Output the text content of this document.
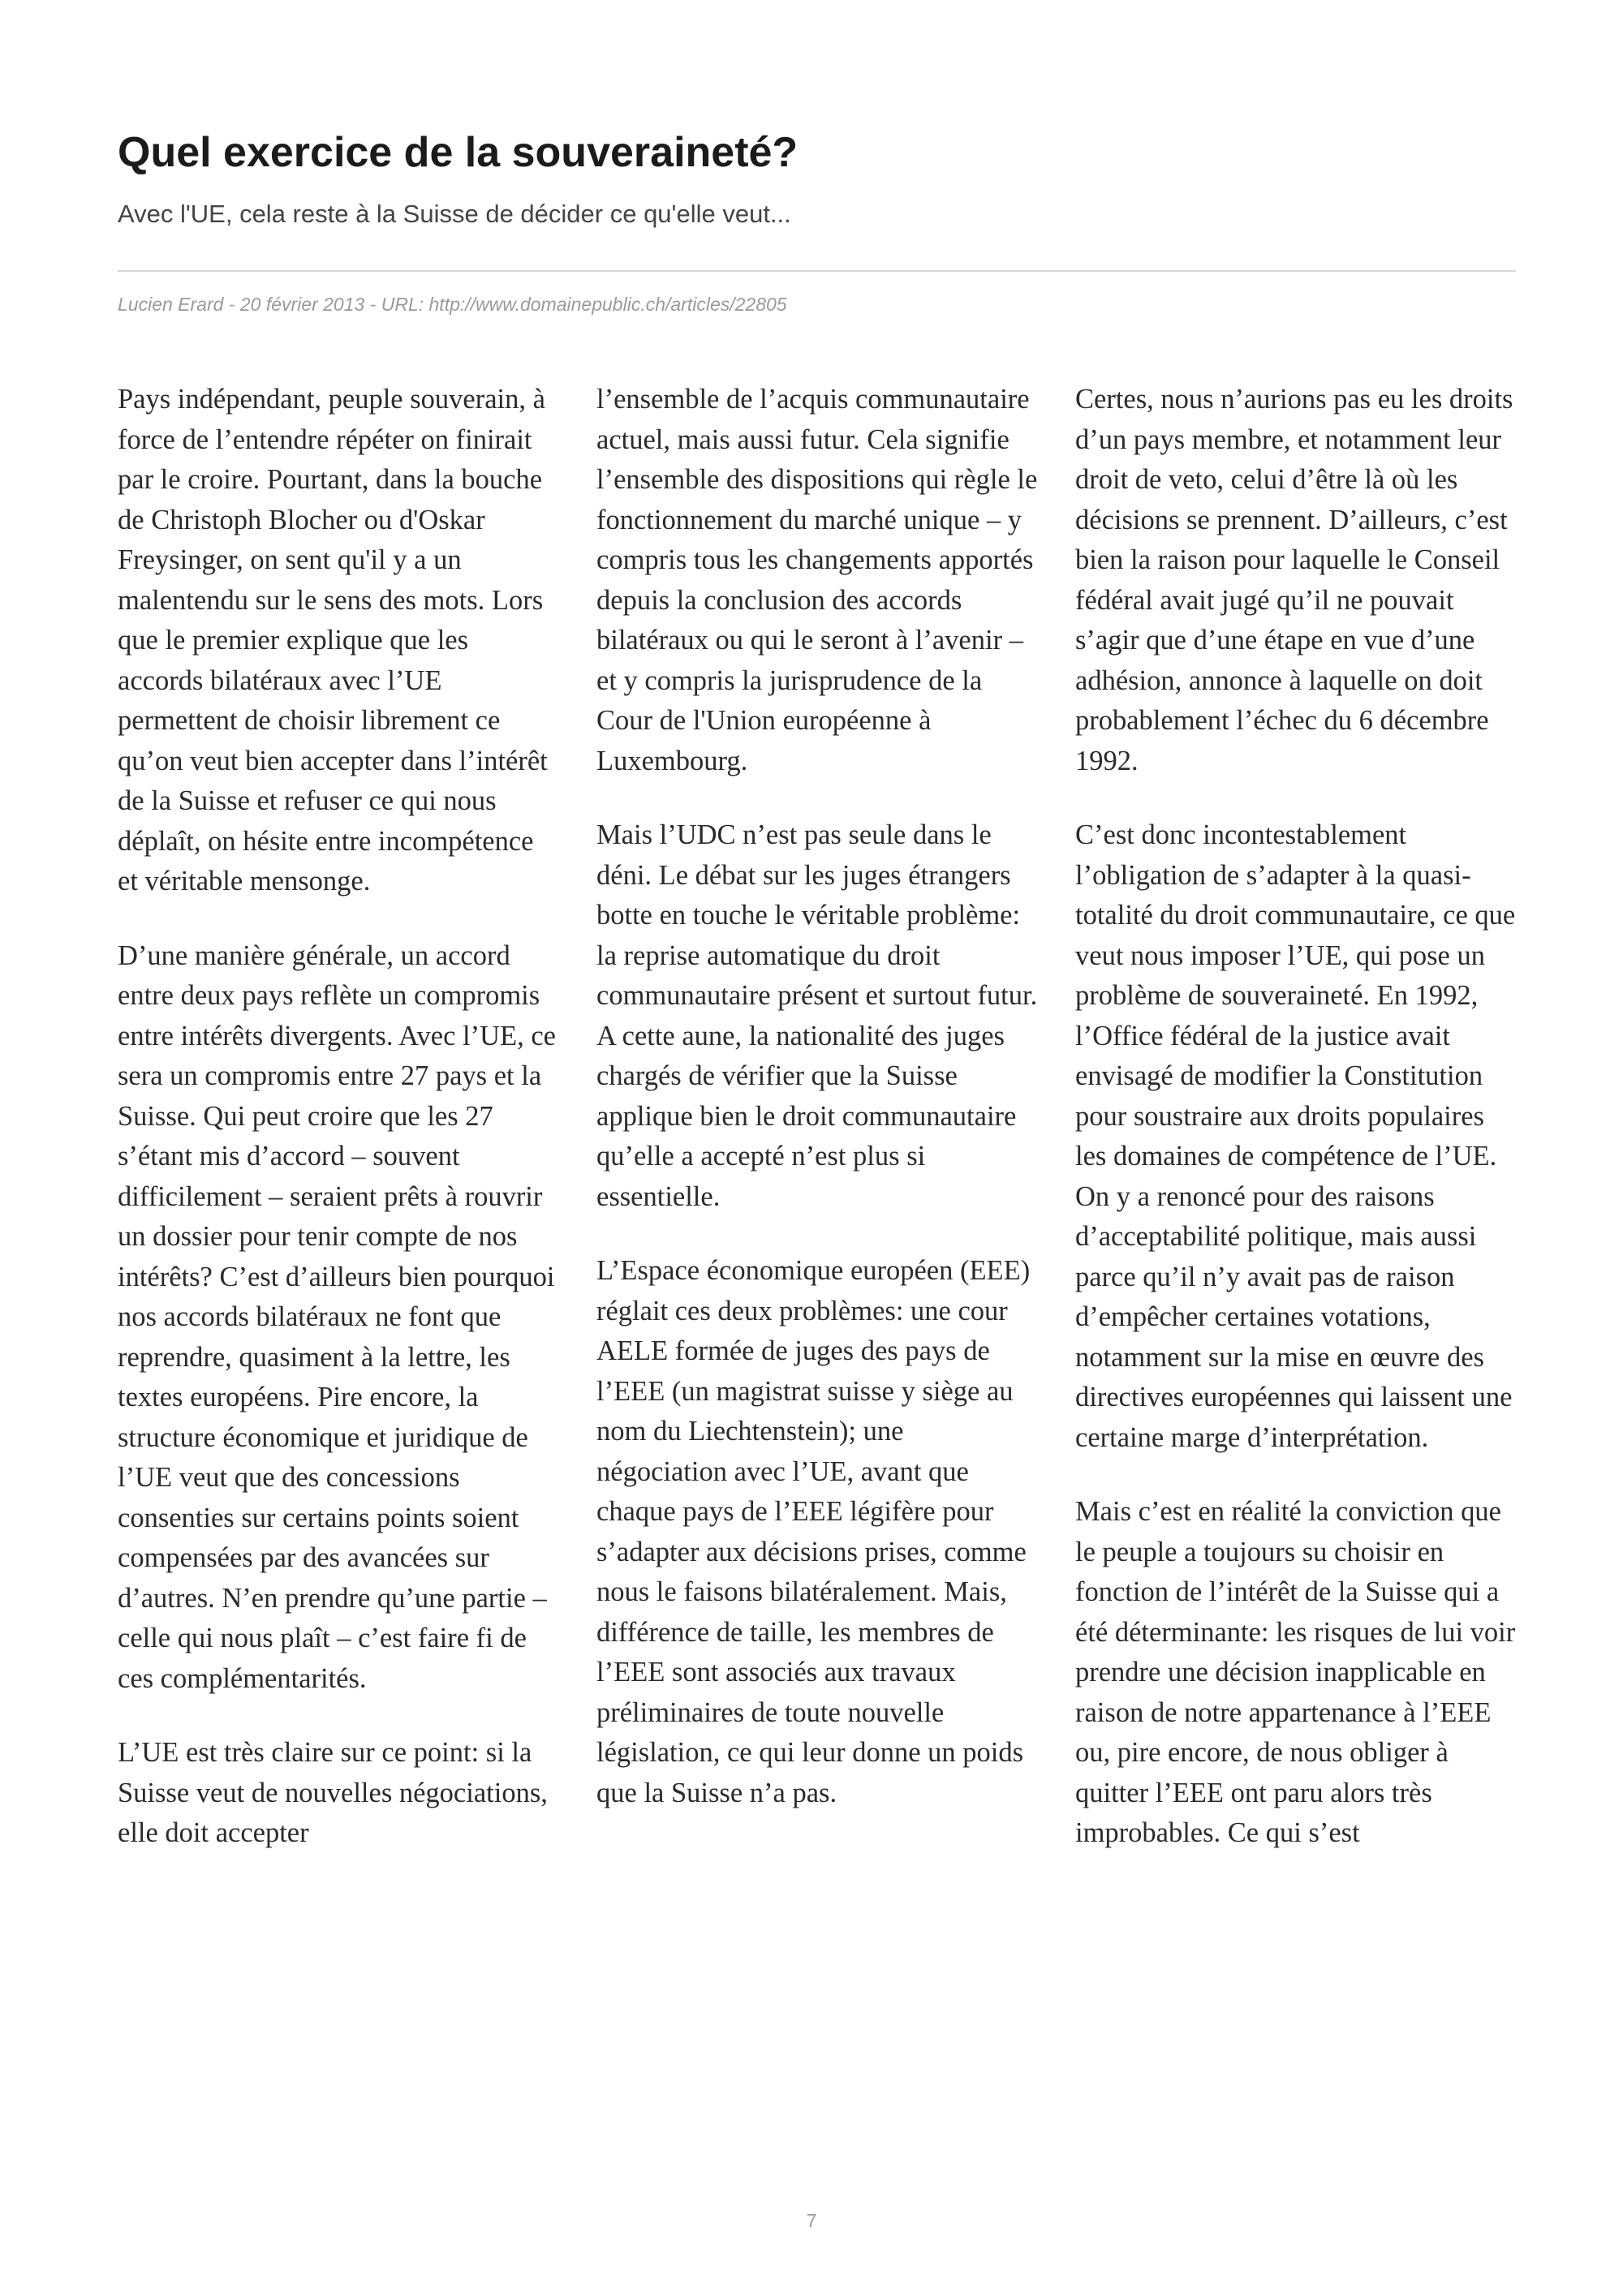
Quel exercice de la souveraineté?

Avec l'UE, cela reste à la Suisse de décider ce qu'elle veut...

Lucien Erard - 20 février 2013 - URL: http://www.domainepublic.ch/articles/22805

Pays indépendant, peuple souverain, à force de l’entendre répéter on finirait par le croire. Pourtant, dans la bouche de Christoph Blocher ou d'Oskar Freysinger, on sent qu'il y a un malentendu sur le sens des mots. Lors que le premier explique que les accords bilatéraux avec l’UE permettent de choisir librement ce qu’on veut bien accepter dans l’intérêt de la Suisse et refuser ce qui nous déplaît, on hésite entre incompétence et véritable mensonge.

D’une manière générale, un accord entre deux pays reflète un compromis entre intérêts divergents. Avec l’UE, ce sera un compromis entre 27 pays et la Suisse. Qui peut croire que les 27 s’étant mis d’accord – souvent difficilement – seraient prêts à rouvrir un dossier pour tenir compte de nos intérêts? C’est d’ailleurs bien pourquoi nos accords bilatéraux ne font que reprendre, quasiment à la lettre, les textes européens. Pire encore, la structure économique et juridique de l’UE veut que des concessions consenties sur certains points soient compensées par des avancées sur d’autres. N’en prendre qu’une partie – celle qui nous plaît – c’est faire fi de ces complémentarités.

L’UE est très claire sur ce point: si la Suisse veut de nouvelles négociations, elle doit accepter

l’ensemble de l’acquis communautaire actuel, mais aussi futur. Cela signifie l’ensemble des dispositions qui règle le fonctionnement du marché unique – y compris tous les changements apportés depuis la conclusion des accords bilatéraux ou qui le seront à l’avenir – et y compris la jurisprudence de la Cour de l'Union européenne à Luxembourg.

Mais l’UDC n’est pas seule dans le déni. Le débat sur les juges étrangers botte en touche le véritable problème: la reprise automatique du droit communautaire présent et surtout futur. A cette aune, la nationalité des juges chargés de vérifier que la Suisse applique bien le droit communautaire qu’elle a accepté n’est plus si essentielle.

L’Espace économique européen (EEE) réglait ces deux problèmes: une cour AELE formée de juges des pays de l’EEE (un magistrat suisse y siège au nom du Liechtenstein); une négociation avec l’UE, avant que chaque pays de l’EEE légifère pour s’adapter aux décisions prises, comme nous le faisons bilatéralement. Mais, différence de taille, les membres de l’EEE sont associés aux travaux préliminaires de toute nouvelle législation, ce qui leur donne un poids que la Suisse n’a pas.

Certes, nous n’aurions pas eu les droits d’un pays membre, et notamment leur droit de veto, celui d’être là où les décisions se prennent. D’ailleurs, c’est bien la raison pour laquelle le Conseil fédéral avait jugé qu’il ne pouvait s’agir que d’une étape en vue d’une adhésion, annonce à laquelle on doit probablement l’échec du 6 décembre 1992.

C’est donc incontestablement l’obligation de s’adapter à la quasi-totalité du droit communautaire, ce que veut nous imposer l’UE, qui pose un problème de souveraineté. En 1992, l’Office fédéral de la justice avait envisagé de modifier la Constitution pour soustraire aux droits populaires les domaines de compétence de l’UE. On y a renoncé pour des raisons d’acceptabilité politique, mais aussi parce qu’il n’y avait pas de raison d’empêcher certaines votations, notamment sur la mise en œuvre des directives européennes qui laissent une certaine marge d’interprétation.

Mais c’est en réalité la conviction que le peuple a toujours su choisir en fonction de l’intérêt de la Suisse qui a été déterminante: les risques de lui voir prendre une décision inapplicable en raison de notre appartenance à l’EEE ou, pire encore, de nous obliger à quitter l’EEE ont paru alors très improbables. Ce qui s’est

7
